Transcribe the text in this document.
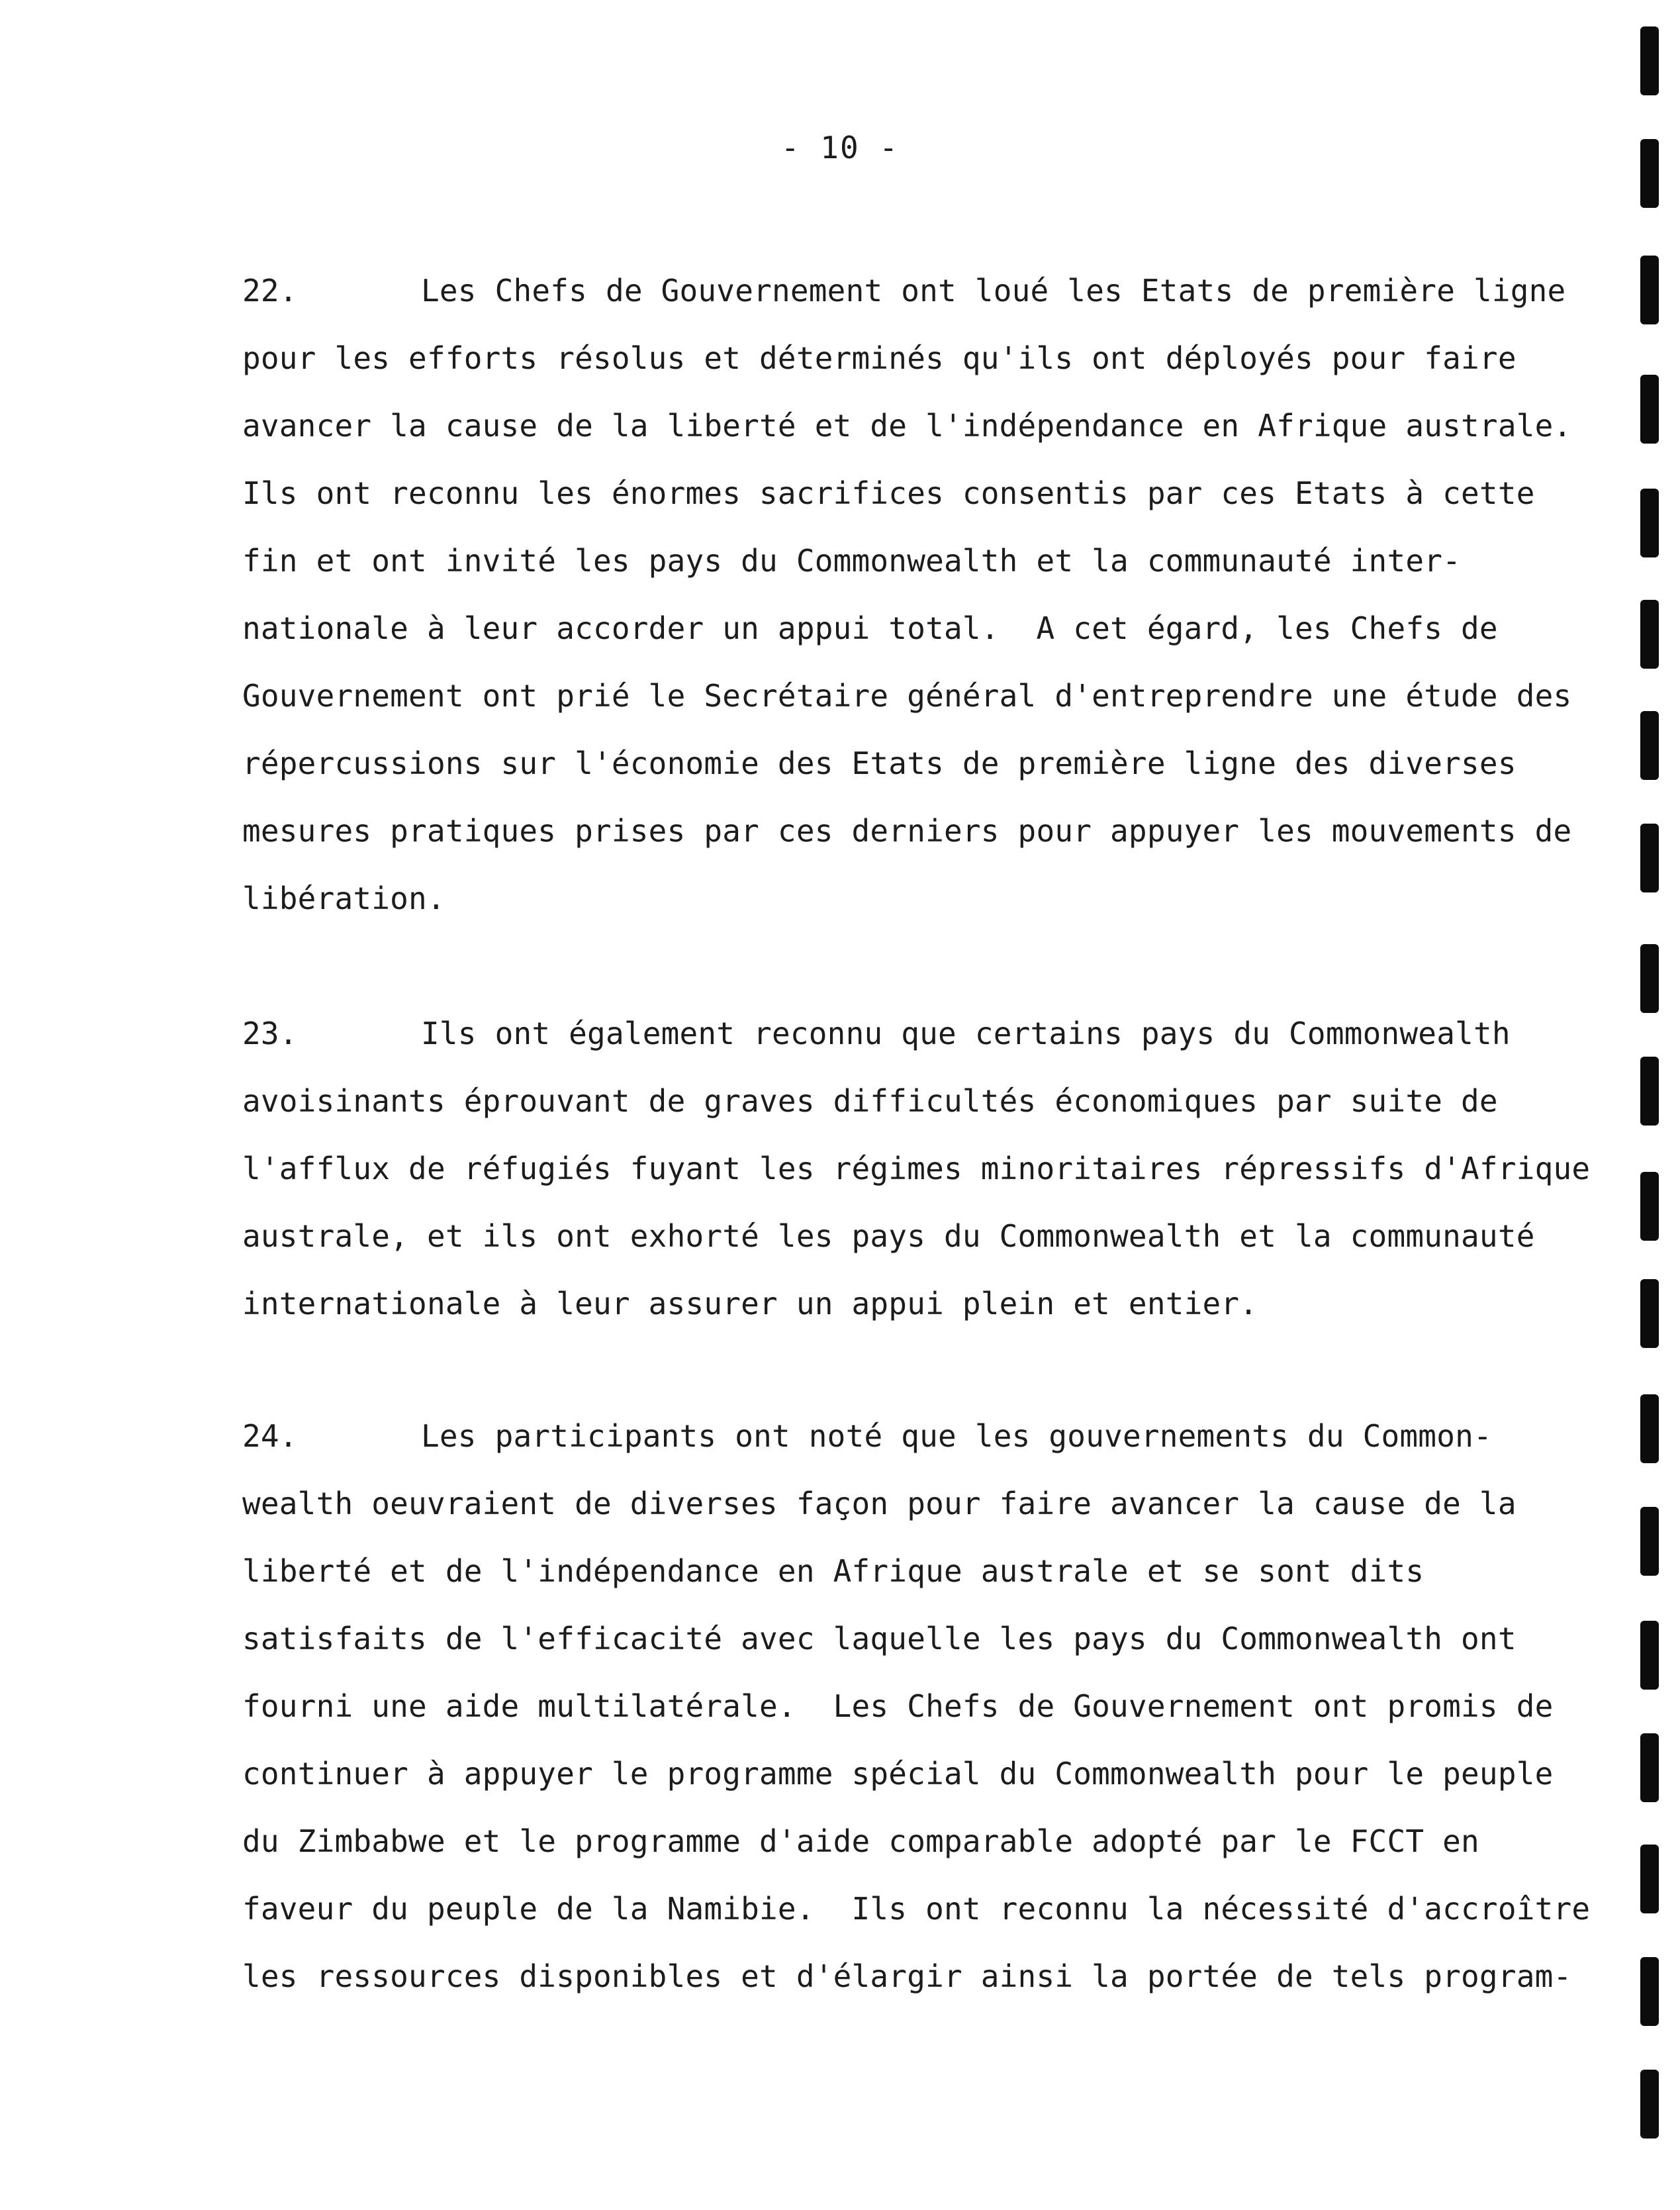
- 10 -
22.	Les Chefs de Gouvernement ont loué les Etats de première ligne
pour les efforts résolus et déterminés qu'ils ont déployés pour faire
avancer la cause de la liberté et de l'indépendance en Afrique australe.
Ils ont reconnu les énormes sacrifices consentis par ces Etats à cette
fin et ont invité les pays du Commonwealth et la communauté inter-
nationale à leur accorder un appui total.  A cet égard, les Chefs de
Gouvernement ont prié le Secrétaire général d'entreprendre une étude des
répercussions sur l'économie des Etats de première ligne des diverses
mesures pratiques prises par ces derniers pour appuyer les mouvements de
libération.
23.	Ils ont également reconnu que certains pays du Commonwealth
avoisinants éprouvant de graves difficultés économiques par suite de
l'afflux de réfugiés fuyant les régimes minoritaires répressifs d'Afrique
australe, et ils ont exhorté les pays du Commonwealth et la communauté
internationale à leur assurer un appui plein et entier.
24.	Les participants ont noté que les gouvernements du Common-
wealth oeuvraient de diverses façon pour faire avancer la cause de la
liberté et de l'indépendance en Afrique australe et se sont dits
satisfaits de l'efficacité avec laquelle les pays du Commonwealth ont
fourni une aide multilatérale.  Les Chefs de Gouvernement ont promis de
continuer à appuyer le programme spécial du Commonwealth pour le peuple
du Zimbabwe et le programme d'aide comparable adopté par le FCCT en
faveur du peuple de la Namibie.  Ils ont reconnu la nécessité d'accroître
les ressources disponibles et d'élargir ainsi la portée de tels program-
